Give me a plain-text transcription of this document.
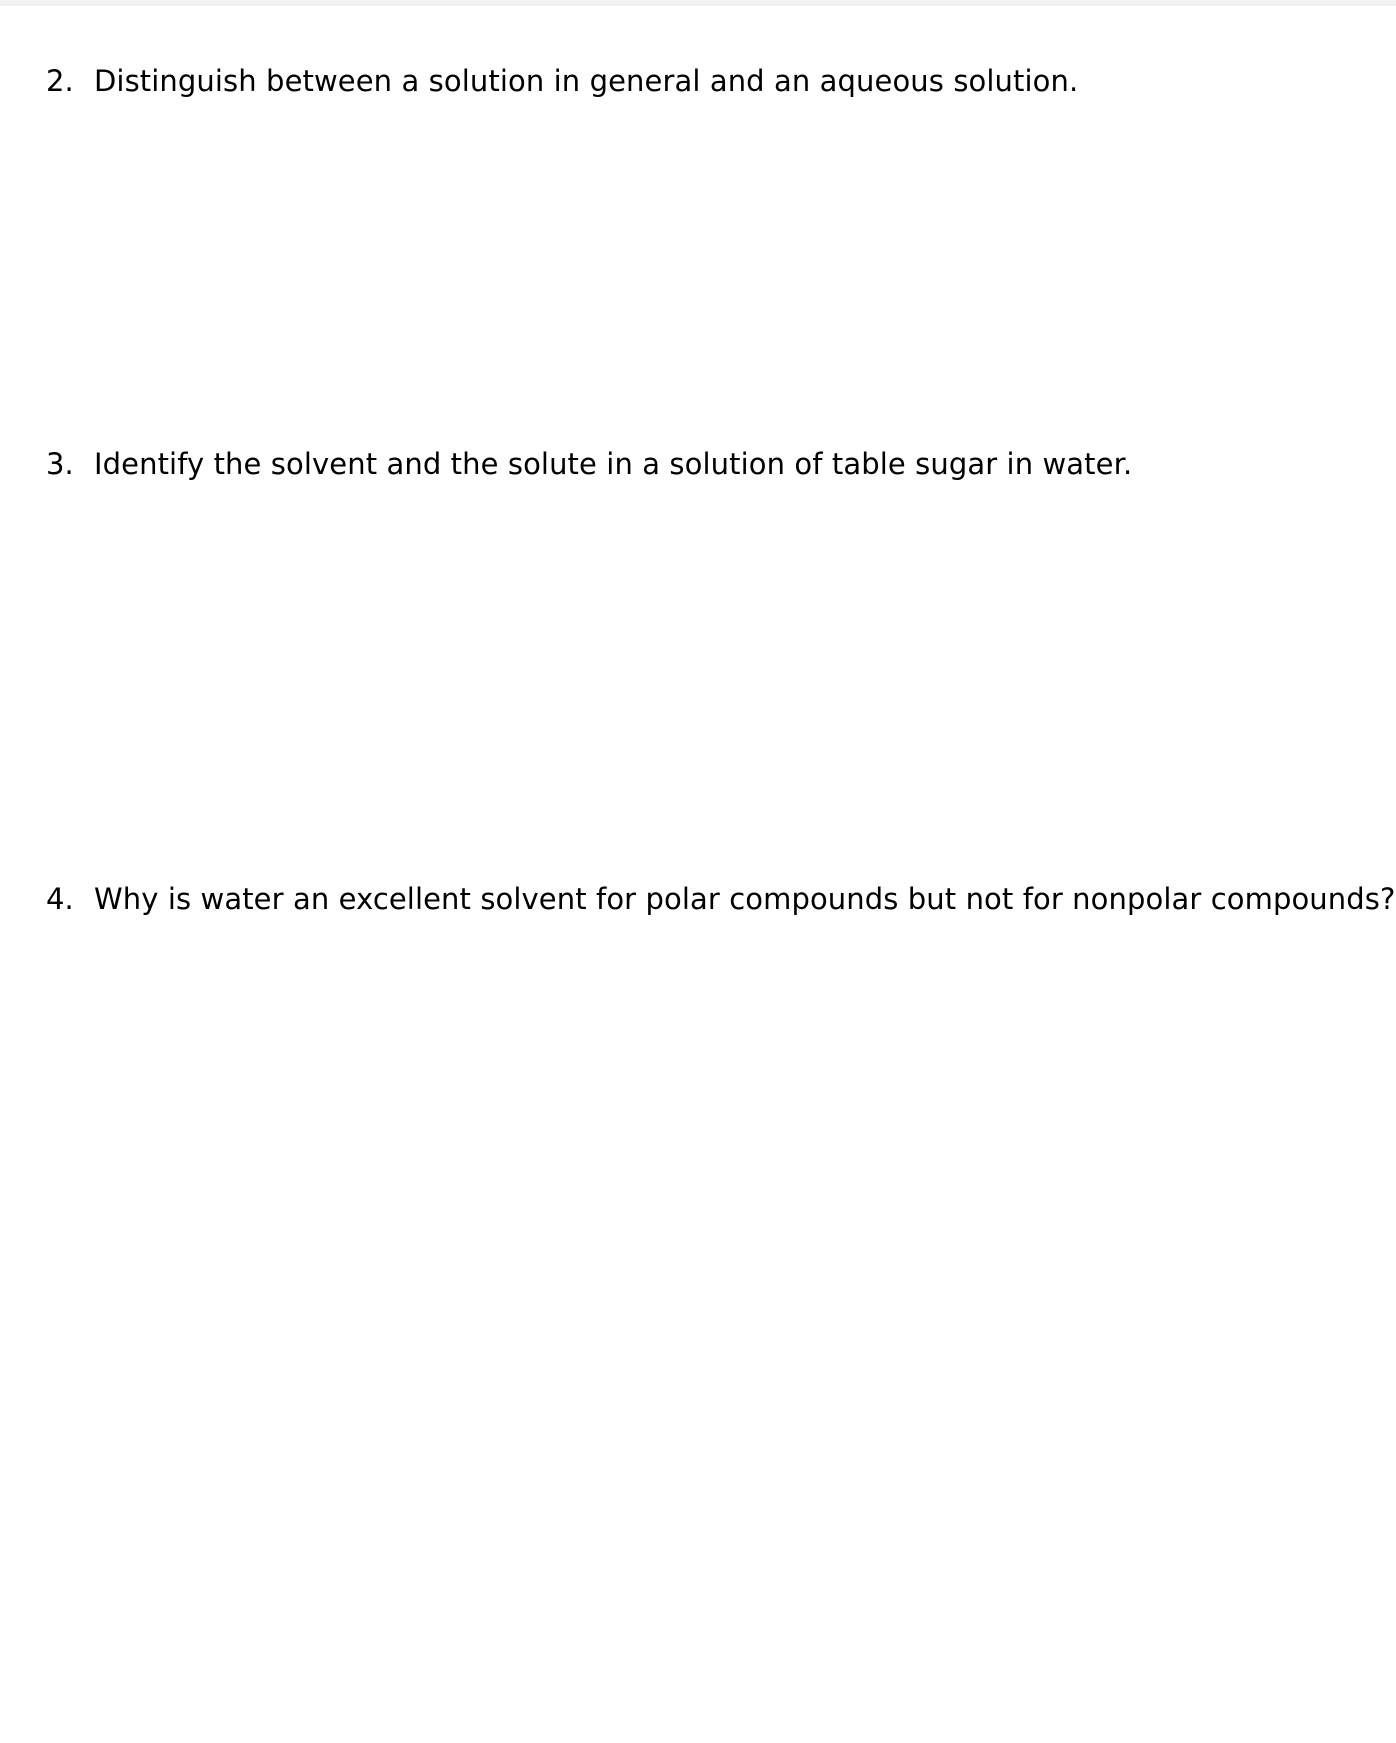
2. Distinguish between a solution in general and an aqueous solution.
3. Identify the solvent and the solute in a solution of table sugar in water.
4. Why is water an excellent solvent for polar compounds but not for nonpolar compounds?
